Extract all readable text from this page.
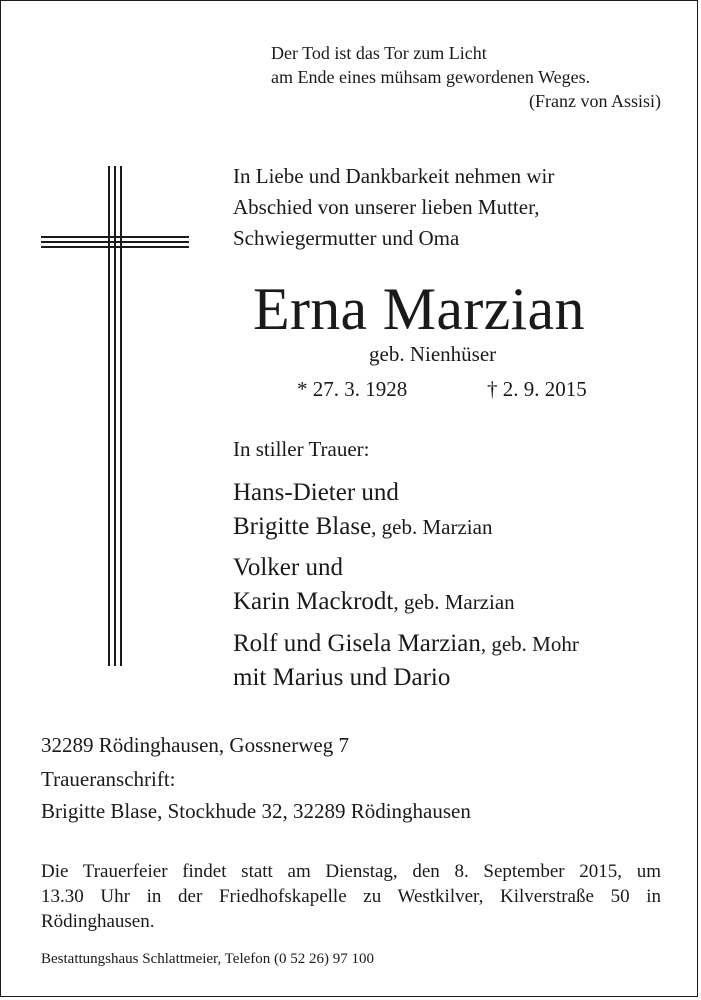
Der Tod ist das Tor zum Licht
am Ende eines mühsam gewordenen Weges.
(Franz von Assisi)
In Liebe und Dankbarkeit nehmen wir
Abschied von unserer lieben Mutter,
Schwiegermutter und Oma
Erna Marzian
geb. Nienhüser
* 27. 3. 1928	† 2. 9. 2015
In stiller Trauer:
Hans-Dieter und
Brigitte Blase, geb. Marzian
Volker und
Karin Mackrodt, geb. Marzian
Rolf und Gisela Marzian, geb. Mohr
mit Marius und Dario
32289 Rödinghausen, Gossnerweg 7
Traueranschrift:
Brigitte Blase, Stockhude 32, 32289 Rödinghausen
Die Trauerfeier findet statt am Dienstag, den 8. September 2015, um
13.30 Uhr in der Friedhofskapelle zu Westkilver, Kilverstraße 50 in
Rödinghausen.
Bestattungshaus Schlattmeier, Telefon (0 52 26) 97 100
